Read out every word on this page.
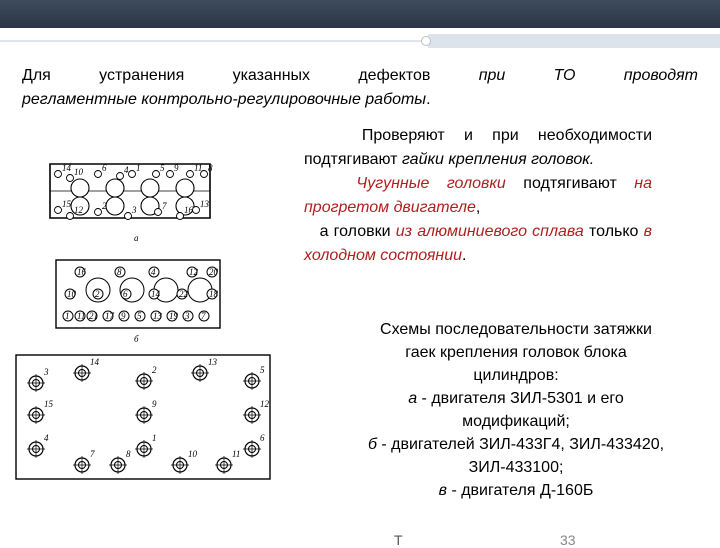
Для устранения указанных дефектов	при ТО проводят
регламентные контрольно-регулировочные работы.

Проверяют и при необходимости подтягивают гайки крепления головок.

Чугунные головки подтягивают на прогретом двигателе,

а головки из алюминиевого сплава только в холодном состоянии.

Схемы последовательности затяжки гаек крепления головок блока цилиндров:

а - двигателя ЗИЛ-5301 и его модификаций;

б - двигателей ЗИЛ-433Г4, ЗИЛ-433420, ЗИЛ-433100;

в - двигателя Д-160Б

14 10 6 4 1 5 9 11
15
12 2	3	7 16
13
8
а
16	8	4	12 20
10 2	6	14 22 18
1 11 21 17 9 5 13 19 3 7
б
3
14
2
13
5
15	9	12
4	1	6
7	8	10	11
Т	33
